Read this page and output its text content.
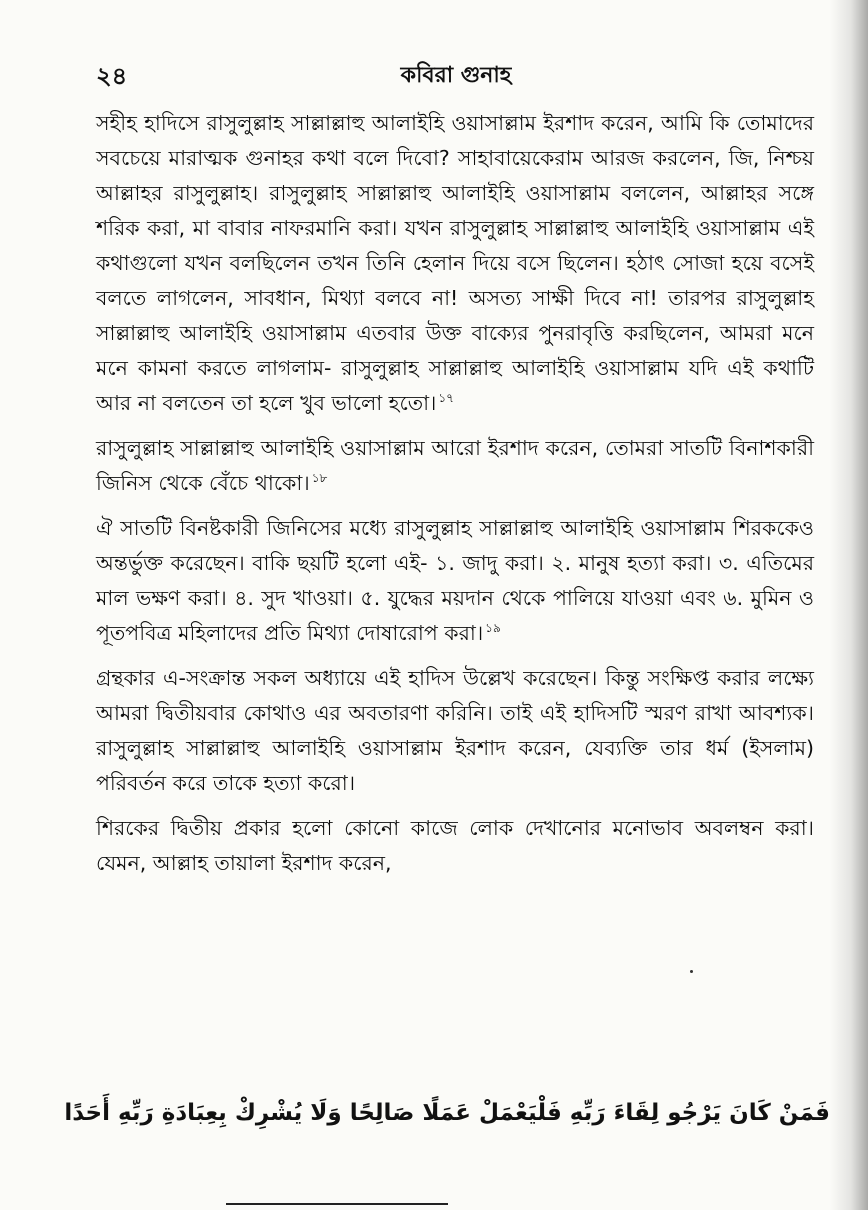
২৪	কবিরা গুনাহ

সহীহ হাদিসে রাসুলুল্লাহ সাল্লাল্লাহু আলাইহি ওয়াসাল্লাম ইরশাদ করেন, আমি কি তোমাদের সবচেয়ে মারাত্মক গুনাহর কথা বলে দিবো? সাহাবায়েকেরাম আরজ করলেন, জি, নিশ্চয় আল্লাহর রাসুলুল্লাহ। রাসুলুল্লাহ সাল্লাল্লাহু আলাইহি ওয়াসাল্লাম বললেন, আল্লাহর সঙ্গে শরিক করা, মা বাবার নাফরমানি করা। যখন রাসুলুল্লাহ সাল্লাল্লাহু আলাইহি ওয়াসাল্লাম এই কথাগুলো যখন বলছিলেন তখন তিনি হেলান দিয়ে বসে ছিলেন। হঠাৎ সোজা হয়ে বসেই বলতে লাগলেন, সাবধান, মিথ্যা বলবে না! অসত্য সাক্ষী দিবে না! তারপর রাসুলুল্লাহ সাল্লাল্লাহু আলাইহি ওয়াসাল্লাম এতবার উক্ত বাক্যের পুনরাবৃত্তি করছিলেন, আমরা মনে মনে কামনা করতে লাগলাম- রাসুলুল্লাহ সাল্লাল্লাহু আলাইহি ওয়াসাল্লাম যদি এই কথাটি আর না বলতেন তা হলে খুব ভালো হতো। $^{১৭}$

রাসুলুল্লাহ সাল্লাল্লাহু আলাইহি ওয়াসাল্লাম আরো ইরশাদ করেন, তোমরা সাতটি বিনাশকারী জিনিস থেকে বেঁচে থাকো। $^{১৮}$

ঐ সাতটি বিনষ্টকারী জিনিসের মধ্যে রাসুলুল্লাহ সাল্লাল্লাহু আলাইহি ওয়াসাল্লাম শিরককেও অন্তর্ভুক্ত করেছেন। বাকি ছয়টি হলো এই- ১. জাদু করা। ২. মানুষ হত্যা করা। ৩. এতিমের মাল ভক্ষণ করা। ৪. সুদ খাওয়া। ৫. যুদ্ধের ময়দান থেকে পালিয়ে যাওয়া এবং ৬. মুমিন ও পূতপবিত্র মহিলাদের প্রতি মিথ্যা দোষারোপ করা। $^{১৯}$

গ্রন্থকার এ-সংক্রান্ত সকল অধ্যায়ে এই হাদিস উল্লেখ করেছেন। কিন্তু সংক্ষিপ্ত করার লক্ষ্যে আমরা দ্বিতীয়বার কোথাও এর অবতারণা করিনি। তাই এই হাদিসটি স্মরণ রাখা আবশ্যক। রাসুলুল্লাহ সাল্লাল্লাহু আলাইহি ওয়াসাল্লাম ইরশাদ করেন, যেব্যক্তি তার ধর্ম (ইসলাম) পরিবর্তন করে তাকে হত্যা করো।

শিরকের দ্বিতীয় প্রকার হলো কোনো কাজে লোক দেখানোর মনোভাব অবলম্বন করা। যেমন, আল্লাহ তায়ালা ইরশাদ করেন,

فَمَنْ كَانَ يَرْجُو لِقَاءَ رَبِّهِ فَلْيَعْمَلْ عَمَلًا صَالِحًا وَلَا يُشْرِكْ بِعِبَادَةِ رَبِّهِ أَحَدًا
